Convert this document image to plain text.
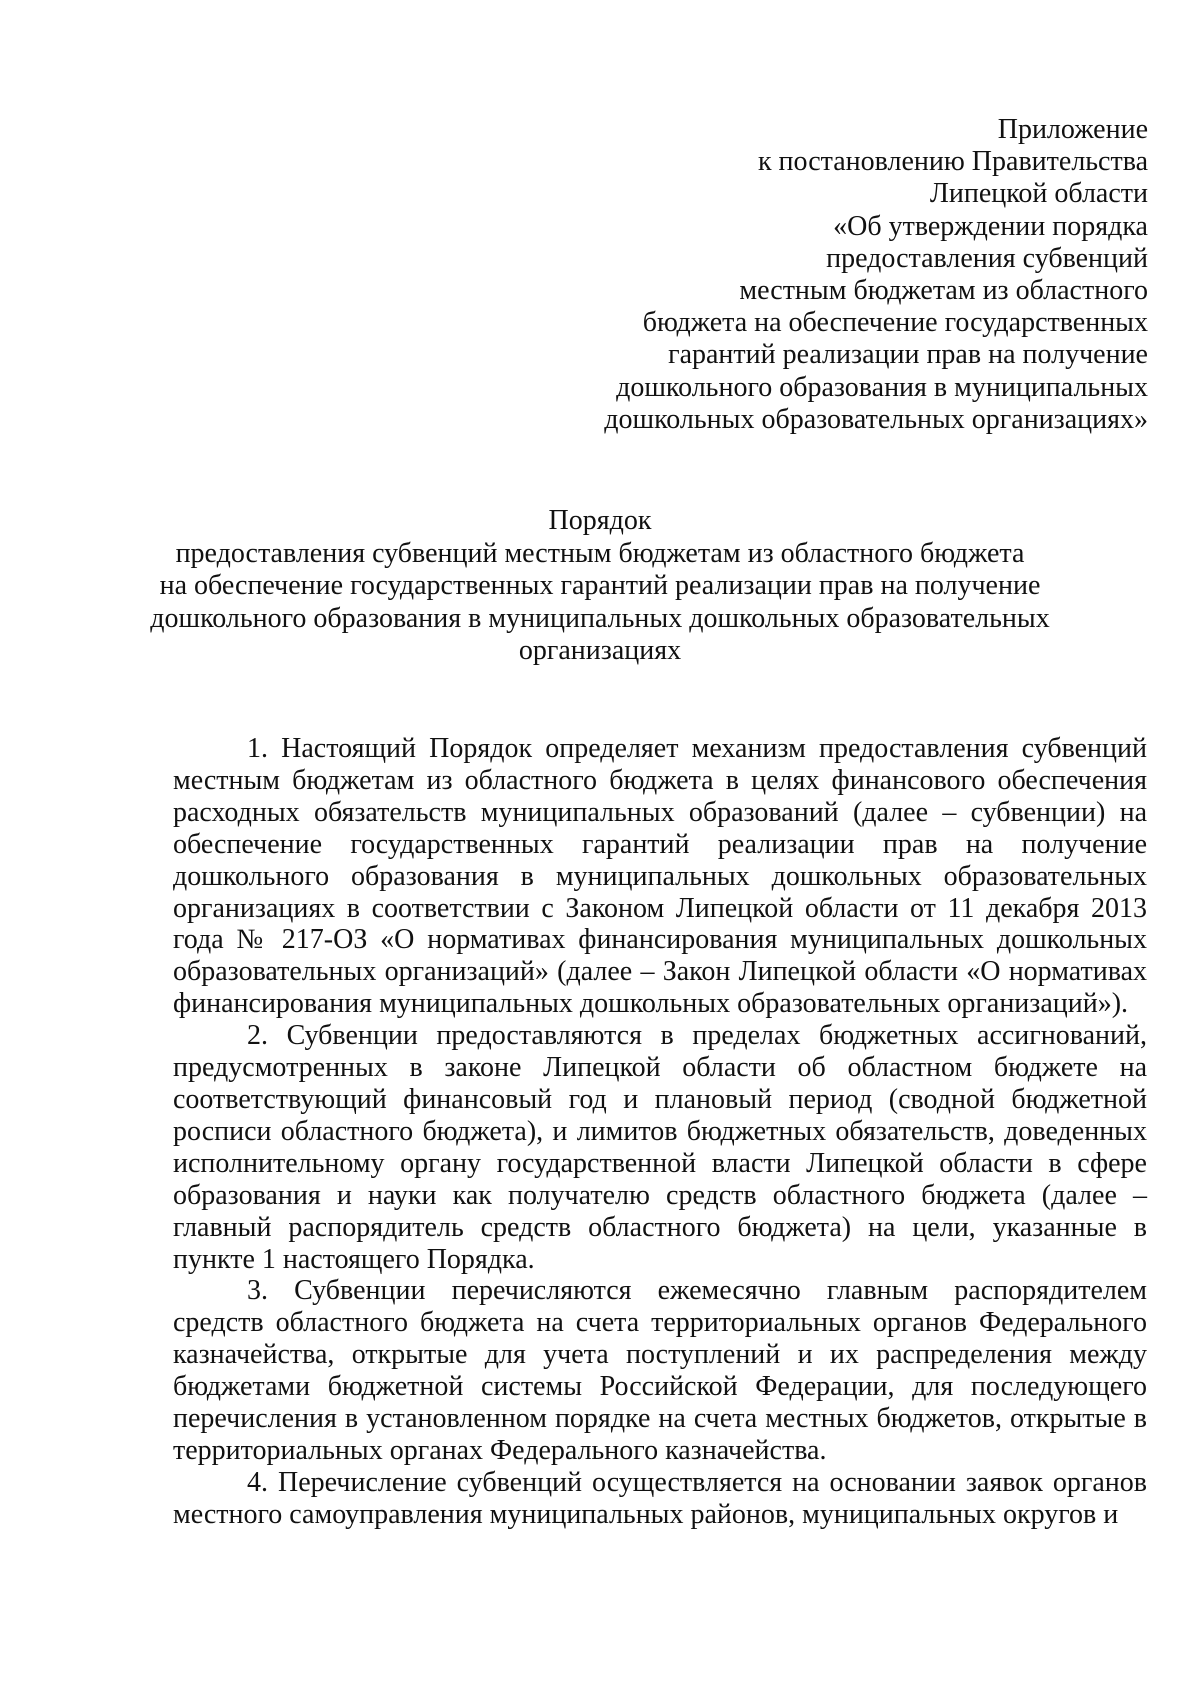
Приложение
к постановлению Правительства
Липецкой области
«Об утверждении порядка
предоставления субвенций
местным бюджетам из областного
бюджета на обеспечение государственных
гарантий реализации прав на получение
дошкольного образования в муниципальных
дошкольных образовательных организациях»
Порядок
предоставления субвенций местным бюджетам из областного бюджета
на обеспечение государственных гарантий реализации прав на получение
дошкольного образования в муниципальных дошкольных образовательных
организациях

1. Настоящий Порядок определяет механизм предоставления субвенций местным бюджетам из областного бюджета в целях финансового обеспечения расходных обязательств муниципальных образований (далее – субвенции) на обеспечение государственных гарантий реализации прав на получение дошкольного образования в муниципальных дошкольных образовательных организациях в соответствии с Законом Липецкой области от 11 декабря 2013 года № 217-ОЗ «О нормативах финансирования муниципальных дошкольных образовательных организаций» (далее – Закон Липецкой области «О нормативах финансирования муниципальных дошкольных образовательных организаций»).

2. Субвенции предоставляются в пределах бюджетных ассигнований, предусмотренных в законе Липецкой области об областном бюджете на соответствующий финансовый год и плановый период (сводной бюджетной росписи областного бюджета), и лимитов бюджетных обязательств, доведенных исполнительному органу государственной власти Липецкой области в сфере образования и науки как получателю средств областного бюджета (далее – главный распорядитель средств областного бюджета) на цели, указанные в пункте 1 настоящего Порядка.

3. Субвенции перечисляются ежемесячно главным распорядителем средств областного бюджета на счета территориальных органов Федерального казначейства, открытые для учета поступлений и их распределения между бюджетами бюджетной системы Российской Федерации, для последующего перечисления в установленном порядке на счета местных бюджетов, открытые в территориальных органах Федерального казначейства.

4. Перечисление субвенций осуществляется на основании заявок органов местного самоуправления муниципальных районов, муниципальных округов и
